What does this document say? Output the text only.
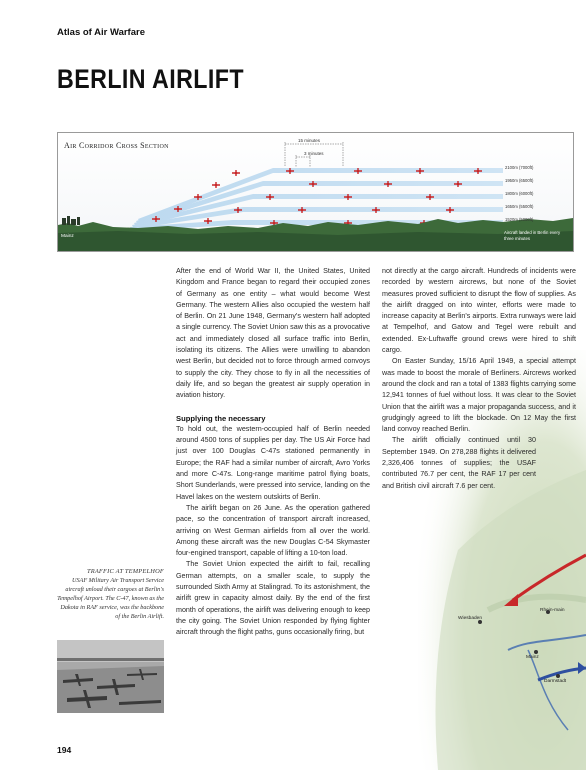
Atlas of Air Warfare
BERLIN AIRLIFT
Air Corridor Cross Section
15 minutes
3 minutes
2100m (7000ft)
1950m (6500ft)
1800m (6000ft)
1650m (5500ft)
1520m (5000ft)
Mainz
Aircraft landed in Berlin every three minutes

After the end of World War II, the United States, United Kingdom and France began to regard their occupied zones of Germany as one entity – what would become West Germany. The western Allies also occupied the western half of Berlin. On 21 June 1948, Germany's western half adopted a single currency. The Soviet Union saw this as a provocative act and immediately closed all surface traffic into Berlin, isolating its citizens. The Allies were unwilling to abandon west Berlin, but decided not to force through armed convoys to supply the city. They chose to fly in all the necessities of daily life, and so began the greatest air supply operation in aviation history.

Supplying the necessary

To hold out, the western-occupied half of Berlin needed around 4500 tons of supplies per day. The US Air Force had just over 100 Douglas C-47s stationed permanently in Europe; the RAF had a similar number of aircraft, Avro Yorks and more C-47s. Long-range maritime patrol flying boats, Short Sunderlands, were pressed into service, landing on the Havel lakes on the western outskirts of Berlin.

The airlift began on 26 June. As the operation gathered pace, so the concentration of transport aircraft increased, arriving on West German airfields from all over the world. Among these aircraft was the new Douglas C-54 Skymaster four-engined transport, capable of lifting a 10-ton load.

The Soviet Union expected the airlift to fail, recalling German attempts, on a smaller scale, to supply the surrounded Sixth Army at Stalingrad. To its astonishment, the airlift grew in capacity almost daily. By the end of the first month of operations, the airlift was delivering enough to keep the city going. The Soviet Union responded by flying fighter aircraft through the flight paths, guns occasionally firing, but

Wiesbaden
Rhein-main
Mainz
Darmstadt

not directly at the cargo aircraft. Hundreds of incidents were recorded by western aircrews, but none of the Soviet measures proved sufficient to disrupt the flow of supplies. As the airlift dragged on into winter, efforts were made to increase capacity at Berlin's airports. Extra runways were laid at Tempelhof, and Gatow and Tegel were rebuilt and extended. Ex-Luftwaffe ground crews were hired to shift cargo.

On Easter Sunday, 15/16 April 1949, a special attempt was made to boost the morale of Berliners. Aircrews worked around the clock and ran a total of 1383 flights carrying some 12,941 tonnes of fuel without loss. It was clear to the Soviet Union that the airlift was a major propaganda success, and it grudgingly agreed to lift the blockade. On 12 May the first land convoy reached Berlin.

The airlift officially continued until 30 September 1949. On 278,288 flights it delivered 2,326,406 tonnes of supplies; the USAF contributed 76.7 per cent, the RAF 17 per cent and British civil aircraft 7.6 per cent.

TRAFFIC AT TEMPELHOF
USAF Military Air Transport Service aircraft unload their cargoes at Berlin's Tempelhof Airport. The C-47, known as the Dakota in RAF service, was the backbone of the Berlin Airlift.
194
